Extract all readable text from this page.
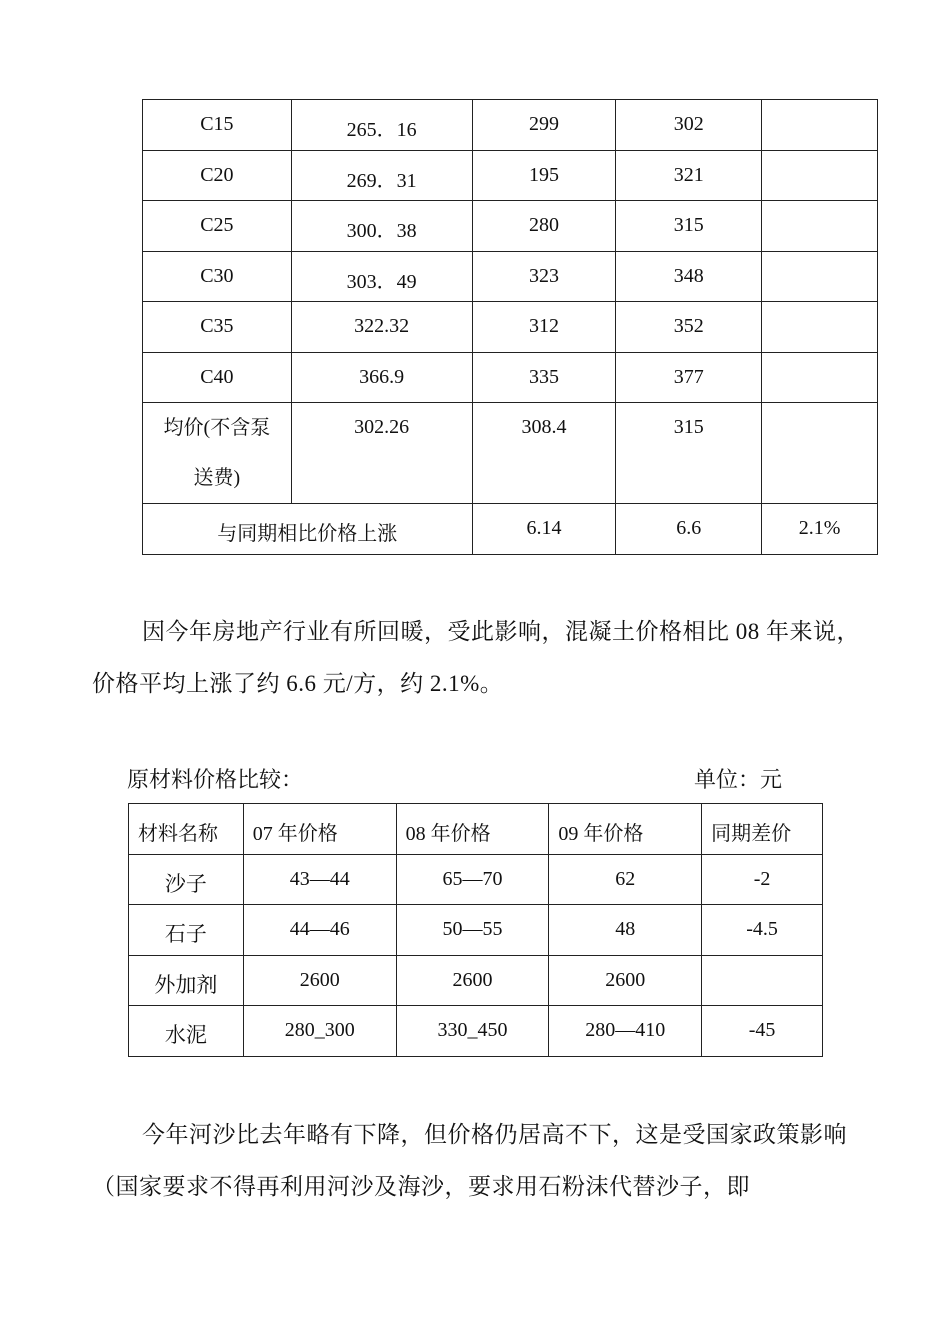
C15	265．16	299	302	
C20	269．31	195	321	
C25	300．38	280	315	
C30	303．49	323	348	
C35	322.32	312	352	
C40	366.9	335	377	
均价(不含泵
送费)	302.26	308.4	315	
与同期相比价格上涨		6.14	6.6	2.1%

因今年房地产行业有所回暖，受此影响，混凝土价格相比 08 年来说，价格平均上涨了约 6.6 元/方，约 2.1%。

原材料价格比较：	单位：元
材料名称	07 年价格	08 年价格	09 年价格	同期差价
沙子	43—44	65—70	62	-2
石子	44—46	50—55	48	-4.5
外加剂	2600	2600	2600	
水泥	280_300	330_450	280—410	-45

今年河沙比去年略有下降，但价格仍居高不下，这是受国家政策影响（国家要求不得再利用河沙及海沙，要求用石粉沫代替沙子，即
